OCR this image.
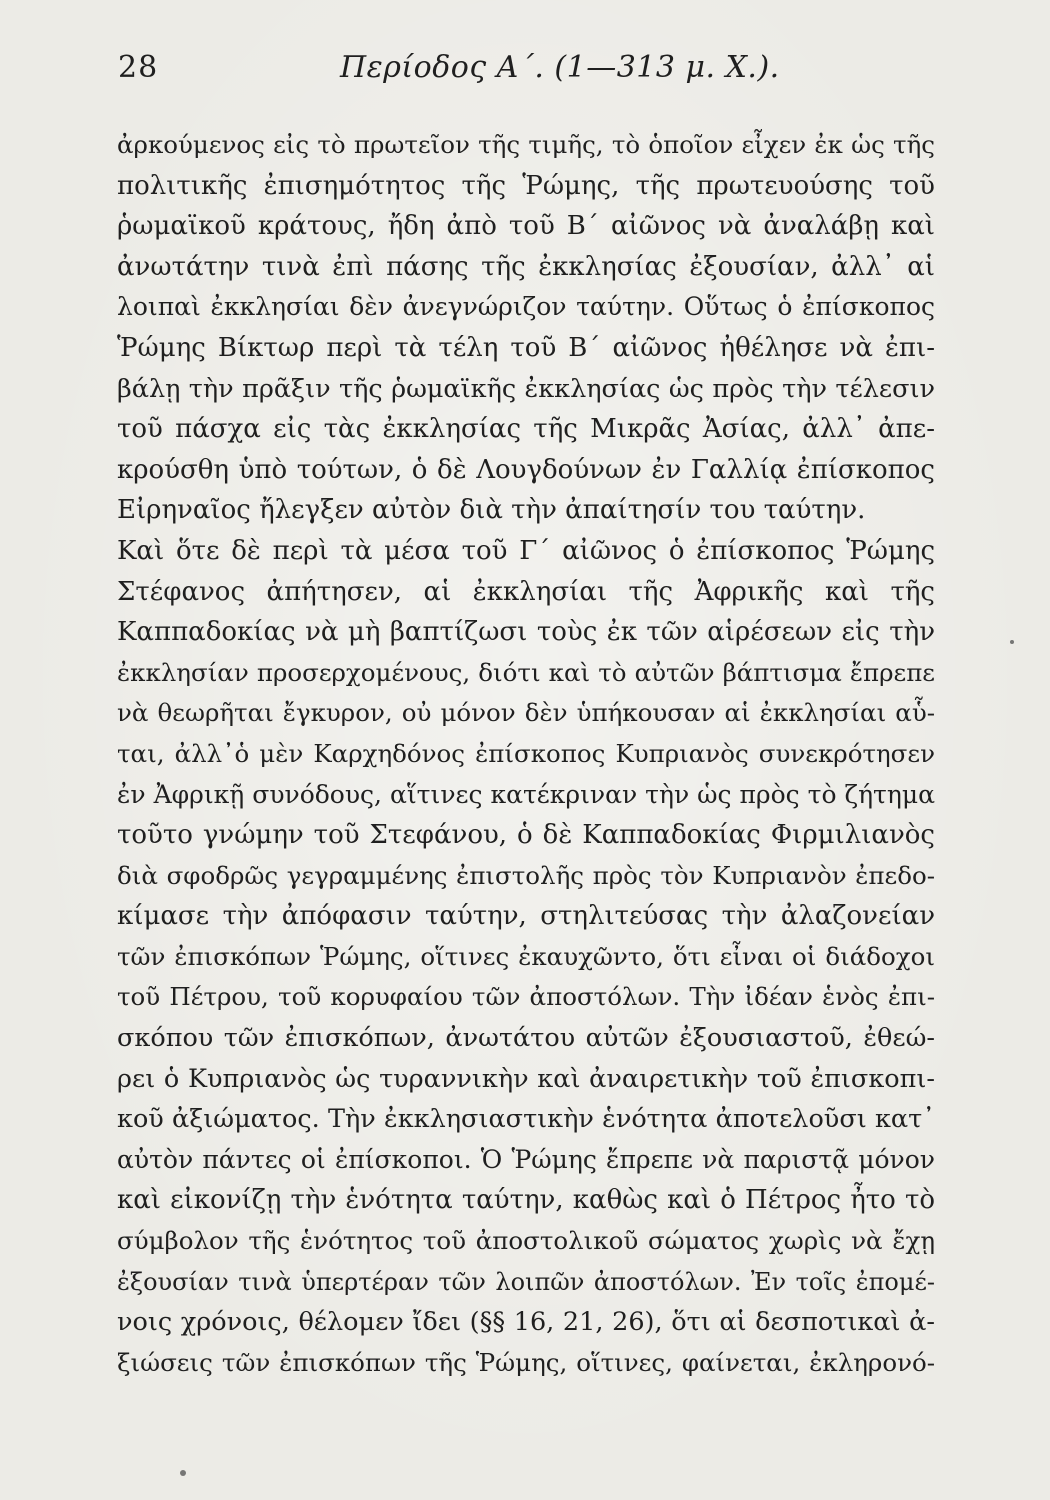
28	Περίοδος Α΄. (1—313 μ. Χ.).
ἀρκούμενος εἰς τὸ πρωτεῖον τῆς τιμῆς, τὸ ὁποῖον εἶχεν ἐκ ὡς τῆς
πολιτικῆς ἐπισημότητος τῆς Ῥώμης, τῆς πρωτευούσης τοῦ
ῥωμαϊκοῦ κράτους, ἤδη ἀπὸ τοῦ Β΄ αἰῶνος νὰ ἀναλάβῃ καὶ
ἀνωτάτην τινὰ ἐπὶ πάσης τῆς ἐκκλησίας ἐξουσίαν, ἀλλ᾽ αἱ
λοιπαὶ ἐκκλησίαι δὲν ἀνεγνώριζον ταύτην. Οὕτως ὁ ἐπίσκοπος
Ῥώμης Βίκτωρ περὶ τὰ τέλη τοῦ Β΄ αἰῶνος ἠθέλησε νὰ ἐπι-
βάλῃ τὴν πρᾶξιν τῆς ῥωμαϊκῆς ἐκκλησίας ὡς πρὸς τὴν τέλεσιν
τοῦ πάσχα εἰς τὰς ἐκκλησίας τῆς Μικρᾶς Ἀσίας, ἀλλ᾽ ἀπε-
κρούσθη ὑπὸ τούτων, ὁ δὲ Λουγδούνων ἐν Γαλλίᾳ ἐπίσκοπος
Εἰρηναῖος ἤλεγξεν αὐτὸν διὰ τὴν ἀπαίτησίν του ταύτην.
Καὶ ὅτε δὲ περὶ τὰ μέσα τοῦ Γ΄ αἰῶνος ὁ ἐπίσκοπος Ῥώμης
Στέφανος ἀπήτησεν, αἱ ἐκκλησίαι τῆς Ἀφρικῆς καὶ τῆς
Καππαδοκίας νὰ μὴ βαπτίζωσι τοὺς ἐκ τῶν αἱρέσεων εἰς τὴν
ἐκκλησίαν προσερχομένους, διότι καὶ τὸ αὐτῶν βάπτισμα ἔπρεπε
νὰ θεωρῆται ἔγκυρον, οὐ μόνον δὲν ὑπήκουσαν αἱ ἐκκλησίαι αὗ-
ται, ἀλλ᾽ὁ μὲν Καρχηδόνος ἐπίσκοπος Κυπριανὸς συνεκρότησεν
ἐν Ἀφρικῇ συνόδους, αἵτινες κατέκριναν τὴν ὡς πρὸς τὸ ζήτημα
τοῦτο γνώμην τοῦ Στεφάνου, ὁ δὲ Καππαδοκίας Φιρμιλιανὸς
διὰ σφοδρῶς γεγραμμένης ἐπιστολῆς πρὸς τὸν Κυπριανὸν ἐπεδο-
κίμασε τὴν ἀπόφασιν ταύτην, στηλιτεύσας τὴν ἀλαζονείαν
τῶν ἐπισκόπων Ῥώμης, οἵτινες ἐκαυχῶντο, ὅτι εἶναι οἱ διάδοχοι
τοῦ Πέτρου, τοῦ κορυφαίου τῶν ἀποστόλων. Τὴν ἰδέαν ἑνὸς ἐπι-
σκόπου τῶν ἐπισκόπων, ἀνωτάτου αὐτῶν ἐξουσιαστοῦ, ἐθεώ-
ρει ὁ Κυπριανὸς ὡς τυραννικὴν καὶ ἀναιρετικὴν τοῦ ἐπισκοπι-
κοῦ ἀξιώματος. Τὴν ἐκκλησιαστικὴν ἑνότητα ἀποτελοῦσι κατ᾽
αὐτὸν πάντες οἱ ἐπίσκοποι. Ὁ Ῥώμης ἔπρεπε νὰ παριστᾷ μόνον
καὶ εἰκονίζῃ τὴν ἑνότητα ταύτην, καθὼς καὶ ὁ Πέτρος ἦτο τὸ
σύμβολον τῆς ἑνότητος τοῦ ἀποστολικοῦ σώματος χωρὶς νὰ ἔχῃ
ἐξουσίαν τινὰ ὑπερτέραν τῶν λοιπῶν ἀποστόλων. Ἐν τοῖς ἐπομέ-
νοις χρόνοις, θέλομεν ἴδει (§§ 16, 21, 26), ὅτι αἱ δεσποτικαὶ ἀ-
ξιώσεις τῶν ἐπισκόπων τῆς Ῥώμης, οἵτινες, φαίνεται, ἐκληρονό-
